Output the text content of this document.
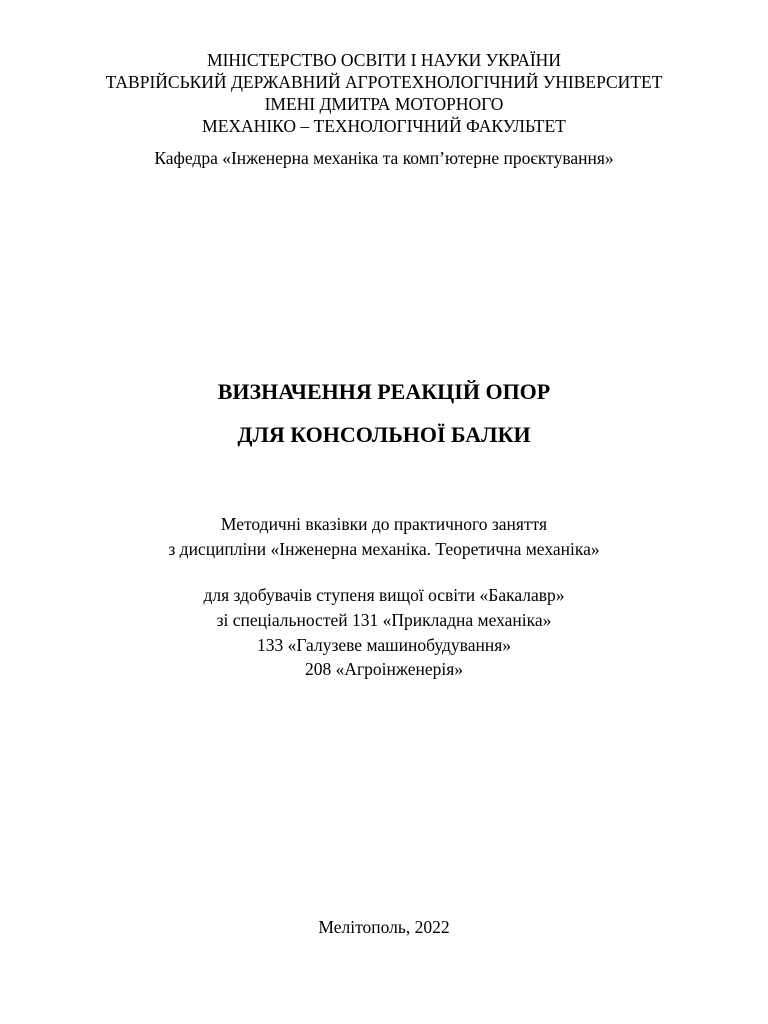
МІНІСТЕРСТВО ОСВІТИ І НАУКИ УКРАЇНИ
ТАВРІЙСЬКИЙ ДЕРЖАВНИЙ АГРОТЕХНОЛОГІЧНИЙ УНІВЕРСИТЕТ
ІМЕНІ ДМИТРА МОТОРНОГО
МЕХАНІКО – ТЕХНОЛОГІЧНИЙ ФАКУЛЬТЕТ
Кафедра «Інженерна механіка та комп’ютерне проєктування»
ВИЗНАЧЕННЯ РЕАКЦІЙ ОПОР
ДЛЯ КОНСОЛЬНОЇ БАЛКИ
Методичні вказівки до практичного заняття
з дисципліни «Інженерна механіка. Теоретична механіка»
для здобувачів ступеня вищої освіти «Бакалавр»
зі спеціальностей 131 «Прикладна механіка»
133 «Галузеве машинобудування»
208 «Агроінженерія»
Мелітополь, 2022
